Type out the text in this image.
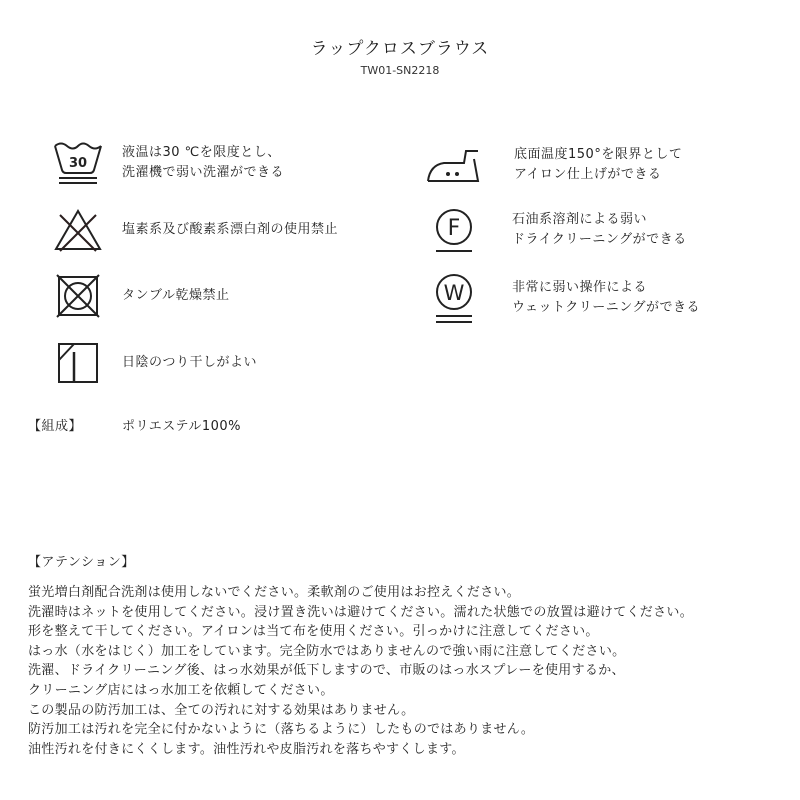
ラップクロスブラウス
TW01-SN2218
30
液温は30 ℃を限度とし、
洗濯機で弱い洗濯ができる
塩素系及び酸素系漂白剤の使用禁止
タンブル乾燥禁止
日陰のつり干しがよい
底面温度150°を限界として
アイロン仕上げができる
F	石油系溶剤による弱い
ドライクリーニングができる
W	非常に弱い操作による
ウェットクリーニングができる
【組成】	ポリエステル100%
【アテンション】
蛍光増白剤配合洗剤は使用しないでください。柔軟剤のご使用はお控えください。
洗濯時はネットを使用してください。浸け置き洗いは避けてください。濡れた状態での放置は避けてください。
形を整えて干してください。アイロンは当て布を使用ください。引っかけに注意してください。
はっ水（水をはじく）加工をしています。完全防水ではありませんので強い雨に注意してください。
洗濯、ドライクリーニング後、はっ水効果が低下しますので、市販のはっ水スプレーを使用するか、
クリーニング店にはっ水加工を依頼してください。
この製品の防汚加工は、全ての汚れに対する効果はありません。
防汚加工は汚れを完全に付かないように（落ちるように）したものではありません。
油性汚れを付きにくくします。油性汚れや皮脂汚れを落ちやすくします。
